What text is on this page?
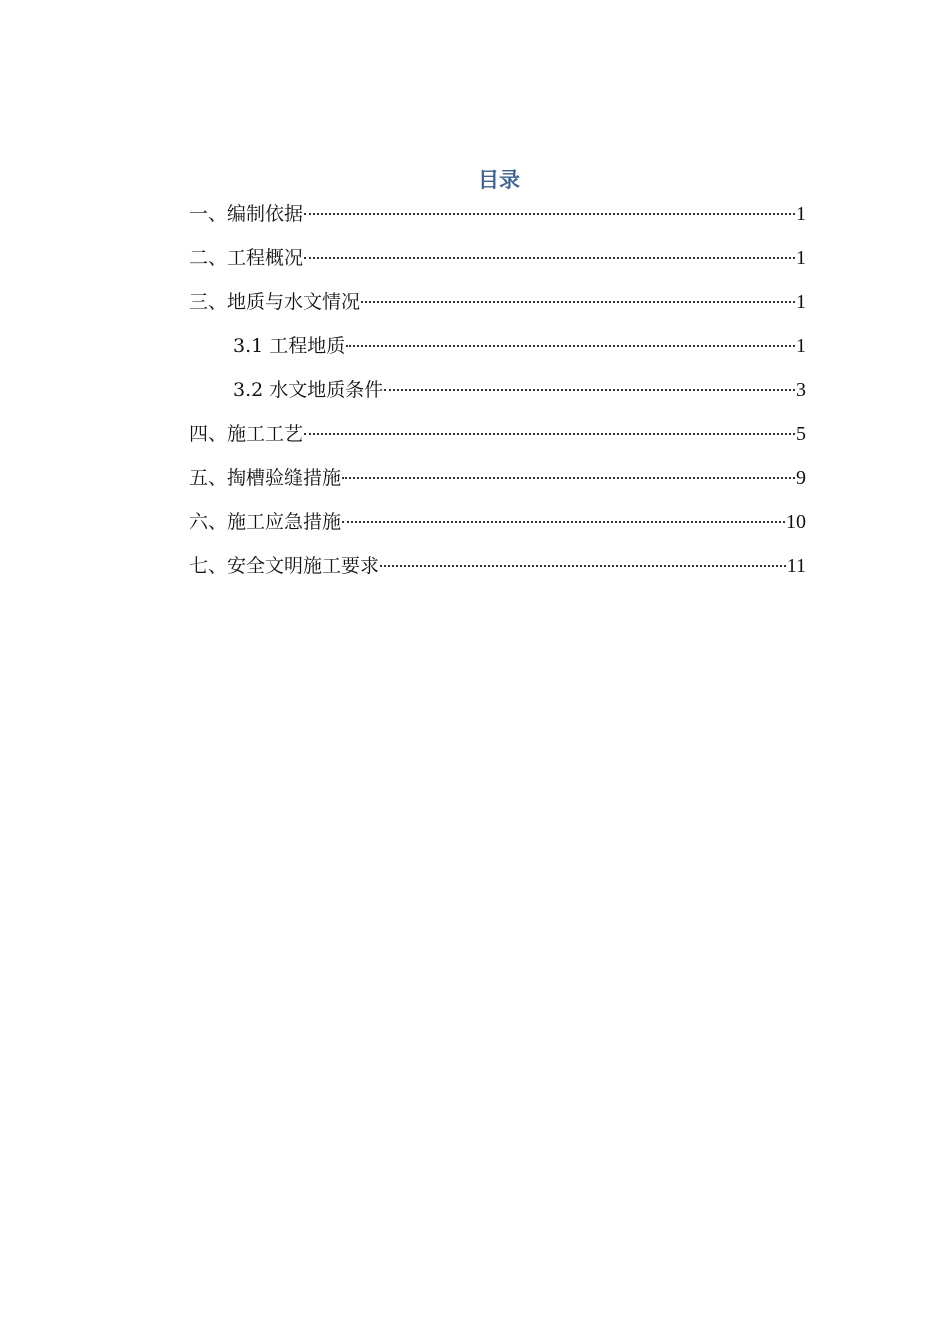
目录
一、编制依据	1
二、工程概况	1
三、地质与水文情况	1
3.1 工程地质	1
3.2 水文地质条件	3
四、施工工艺	5
五、掏槽验缝措施	9
六、施工应急措施	10
七、安全文明施工要求	11
